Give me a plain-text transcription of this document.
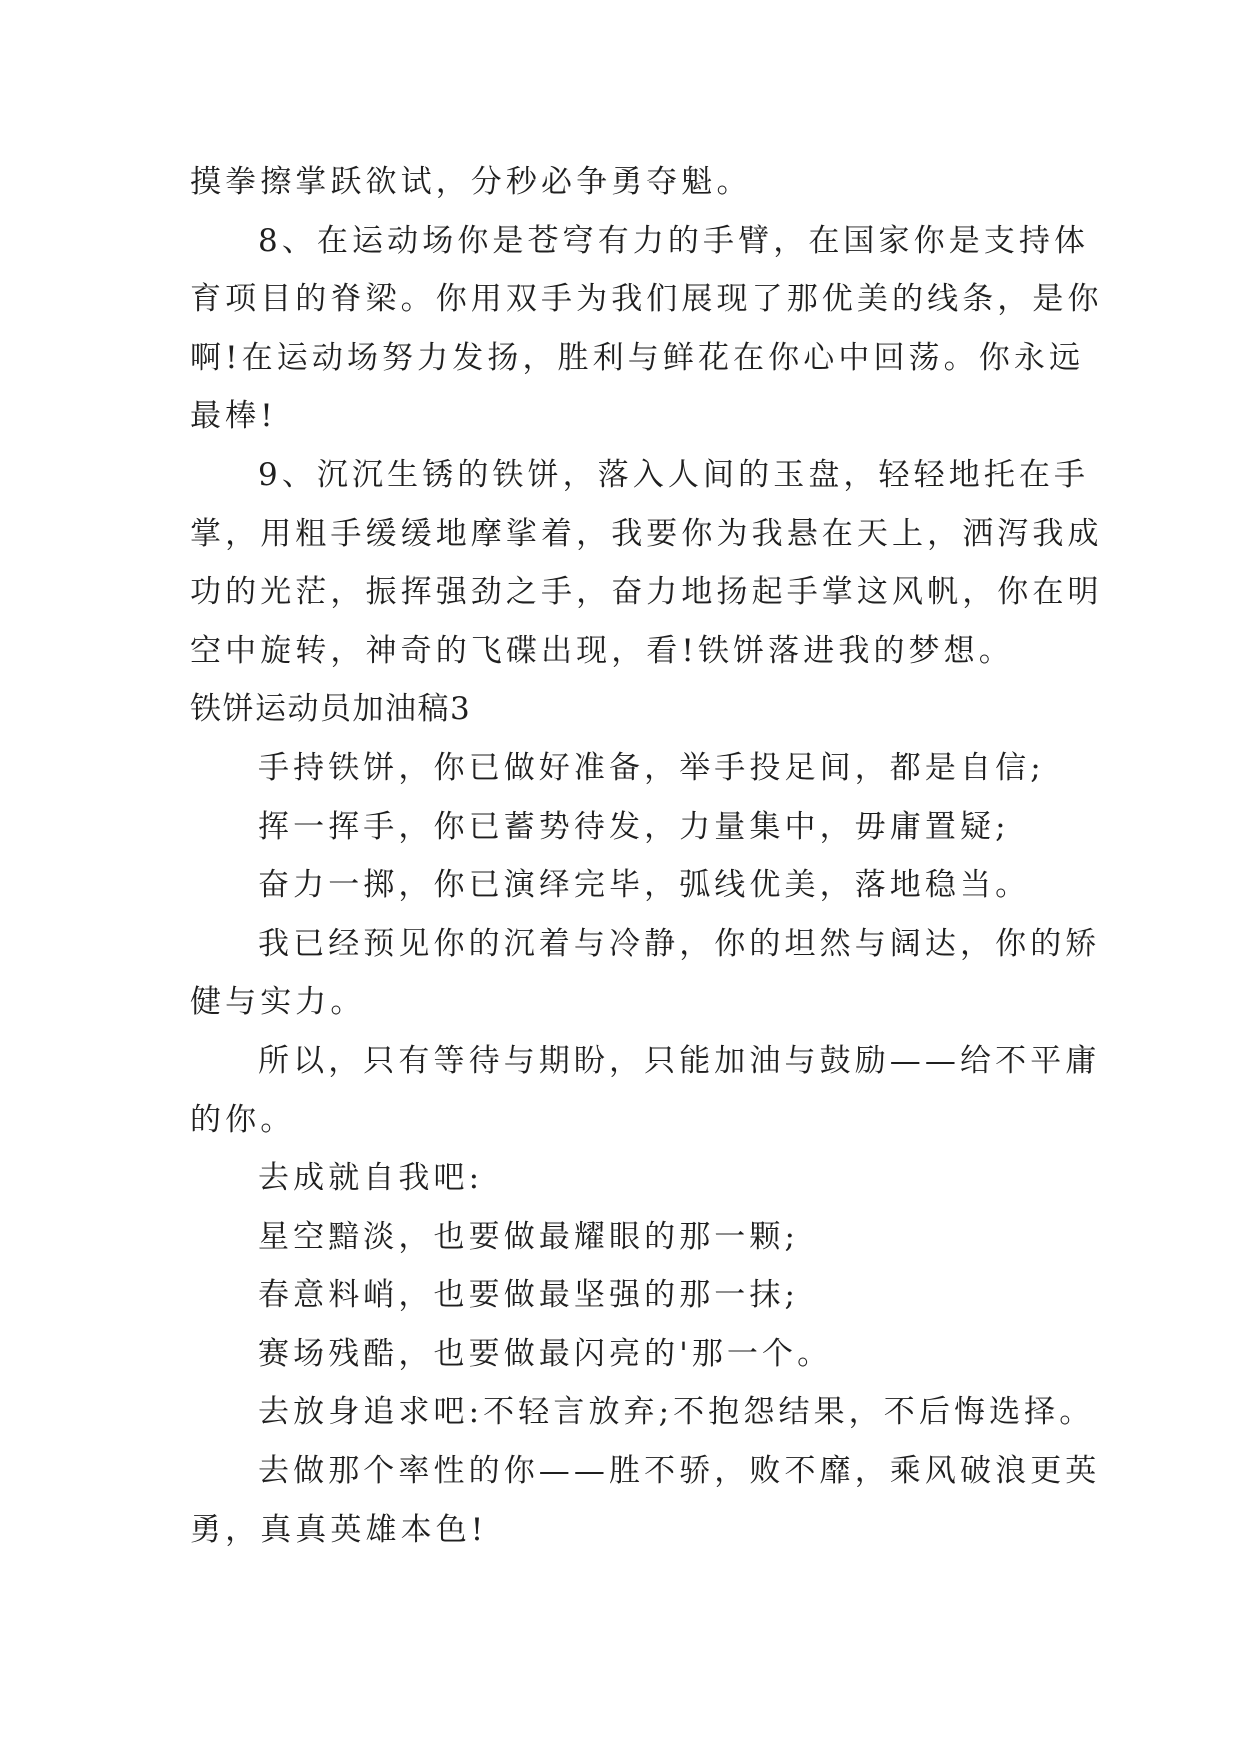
摸拳擦掌跃欲试，分秒必争勇夺魁。

8、在运动场你是苍穹有力的手臂，在国家你是支持体

育项目的脊梁。你用双手为我们展现了那优美的线条，是你

啊!在运动场努力发扬，胜利与鲜花在你心中回荡。你永远

最棒!

9、沉沉生锈的铁饼，落入人间的玉盘，轻轻地托在手

掌，用粗手缓缓地摩挲着，我要你为我悬在天上，洒泻我成

功的光茫，振挥强劲之手，奋力地扬起手掌这风帆，你在明

空中旋转，神奇的飞碟出现，看!铁饼落进我的梦想。

铁饼运动员加油稿3

手持铁饼，你已做好准备，举手投足间，都是自信;

挥一挥手，你已蓄势待发，力量集中，毋庸置疑;

奋力一掷，你已演绎完毕，弧线优美，落地稳当。

我已经预见你的沉着与冷静，你的坦然与阔达，你的矫

健与实力。

所以，只有等待与期盼，只能加油与鼓励——给不平庸

的你。

去成就自我吧:

星空黯淡，也要做最耀眼的那一颗;

春意料峭，也要做最坚强的那一抹;

赛场残酷，也要做最闪亮的'那一个。

去放身追求吧:不轻言放弃;不抱怨结果，不后悔选择。

去做那个率性的你——胜不骄，败不靡，乘风破浪更英

勇，真真英雄本色!
